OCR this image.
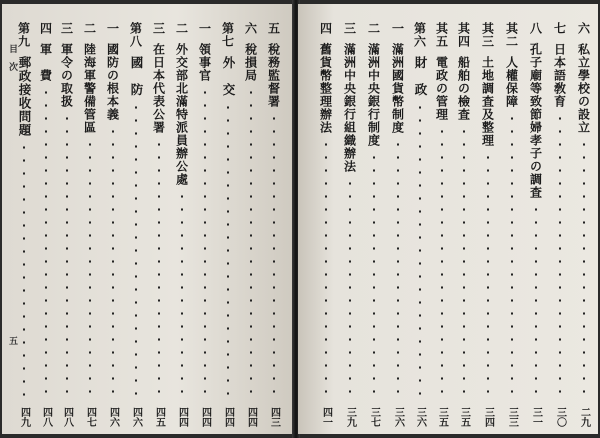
目　次
五
五
稅務監督署
四三
六
稅損局
四四
第七
外　交
四四
一
領事官
四四
二
外交部北滿特派員辦公處
四四
三
在日本代表公署
四五
第八
國　防
四六
一
國防の根本義
四六
二
陸海軍警備管區
四七
三
軍令の取扱
四八
四
軍　費
四八
第九
郵政接收問題
四九
四
舊貨幣整理辦法
四一
三
滿洲中央銀行組織辦法
三九
二
滿洲中央銀行制度
三七
一
滿洲國貨幣制度
三六
第六
財　政
三六
其五
電政の管理
三五
其四
船舶の檢査
三五
其三
土地調査及整理
三四
其二
人權保障
三三
八
孔子廟等致節婦孝子の調査
三一
七
日本語敎育
三〇
六
私立學校の設立
二九
